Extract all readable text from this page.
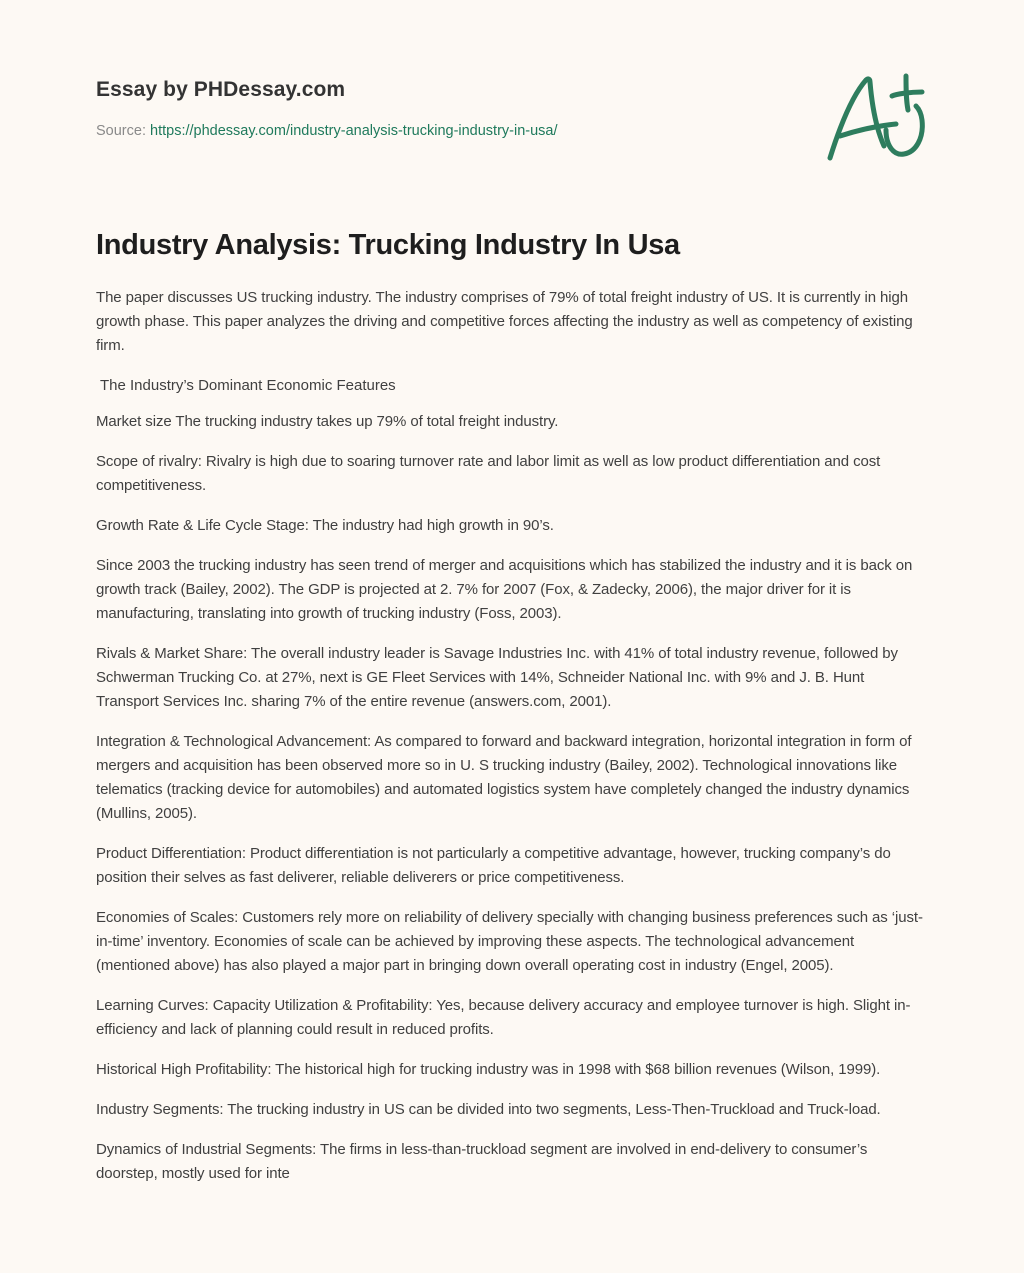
Essay by PHDessay.com
Source: https://phdessay.com/industry-analysis-trucking-industry-in-usa/
Industry Analysis: Trucking Industry In Usa

The paper discusses US trucking industry. The industry comprises of 79% of total freight industry of US. It is currently in high growth phase. This paper analyzes the driving and competitive forces affecting the industry as well as competency of existing firm.

The Industry’s Dominant Economic Features

Market size The trucking industry takes up 79% of total freight industry.

Scope of rivalry: Rivalry is high due to soaring turnover rate and labor limit as well as low product differentiation and cost competitiveness.

Growth Rate & Life Cycle Stage: The industry had high growth in 90’s.

Since 2003 the trucking industry has seen trend of merger and acquisitions which has stabilized the industry and it is back on growth track (Bailey, 2002). The GDP is projected at 2. 7% for 2007 (Fox, & Zadecky, 2006), the major driver for it is manufacturing, translating into growth of trucking industry (Foss, 2003).

Rivals & Market Share: The overall industry leader is Savage Industries Inc. with 41% of total industry revenue, followed by Schwerman Trucking Co. at 27%, next is GE Fleet Services with 14%, Schneider National Inc. with 9% and J. B. Hunt Transport Services Inc. sharing 7% of the entire revenue (answers.com, 2001).

Integration & Technological Advancement: As compared to forward and backward integration, horizontal integration in form of mergers and acquisition has been observed more so in U. S trucking industry (Bailey, 2002). Technological innovations like telematics (tracking device for automobiles) and automated logistics system have completely changed the industry dynamics (Mullins, 2005).

Product Differentiation: Product differentiation is not particularly a competitive advantage, however, trucking company’s do position their selves as fast deliverer, reliable deliverers or price competitiveness.

Economies of Scales: Customers rely more on reliability of delivery specially with changing business preferences such as ‘just-in-time’ inventory. Economies of scale can be achieved by improving these aspects. The technological advancement (mentioned above) has also played a major part in bringing down overall operating cost in industry (Engel, 2005).

Learning Curves: Capacity Utilization & Profitability: Yes, because delivery accuracy and employee turnover is high. Slight in-efficiency and lack of planning could result in reduced profits.

Historical High Profitability: The historical high for trucking industry was in 1998 with $68 billion revenues (Wilson, 1999).

Industry Segments: The trucking industry in US can be divided into two segments, Less-Then-Truckload and Truck-load.

Dynamics of Industrial Segments: The firms in less-than-truckload segment are involved in end-delivery to consumer’s doorstep, mostly used for inte
